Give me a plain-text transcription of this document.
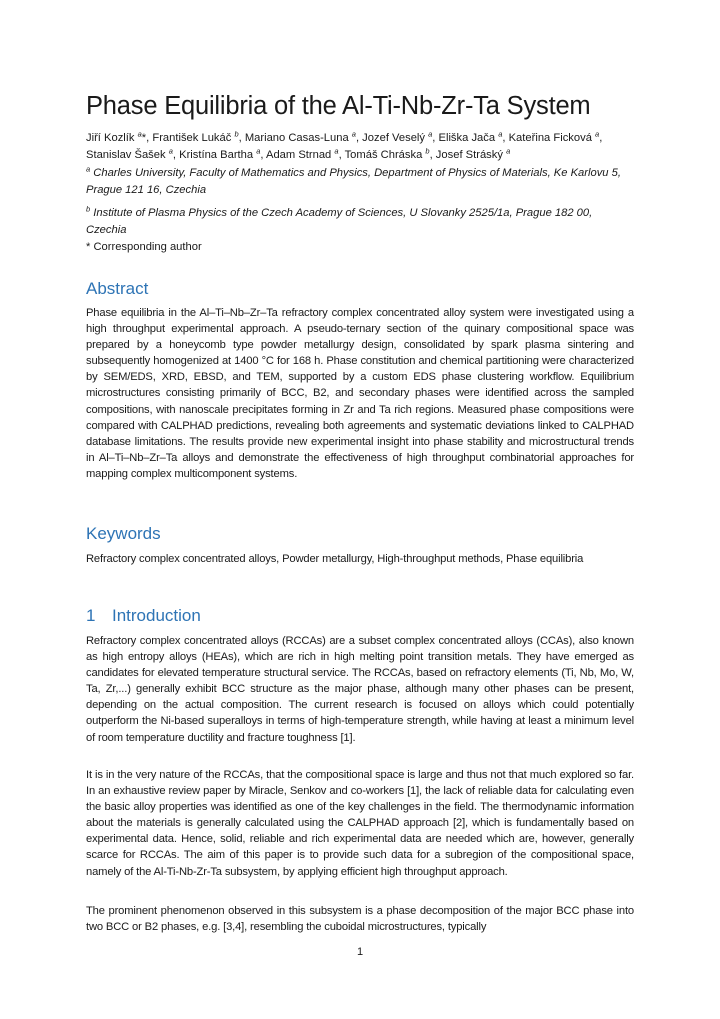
Phase Equilibria of the Al-Ti-Nb-Zr-Ta System
Jiří Kozlík $^a$*, František Lukáč $^b$, Mariano Casas-Luna $^a$, Jozef Veselý $^a$, Eliška Jača $^a$, Kateřina Ficková $^a$,
Stanislav Šašek $^a$, Kristína Bartha $^a$, Adam Strnad $^a$, Tomáš Chráska $^b$, Josef Stráský $^a$
$^a$ Charles University, Faculty of Mathematics and Physics, Department of Physics of Materials, Ke Karlovu 5, Prague 121 16, Czechia
$^b$ Institute of Plasma Physics of the Czech Academy of Sciences, U Slovanky 2525/1a, Prague 182 00, Czechia
* Corresponding author
Abstract
Phase equilibria in the Al–Ti–Nb–Zr–Ta refractory complex concentrated alloy system were investigated using a high throughput experimental approach. A pseudo-ternary section of the quinary compositional space was prepared by a honeycomb type powder metallurgy design, consolidated by spark plasma sintering and subsequently homogenized at 1400 °C for 168 h. Phase constitution and chemical partitioning were characterized by SEM/EDS, XRD, EBSD, and TEM, supported by a custom EDS phase clustering workflow. Equilibrium microstructures consisting primarily of BCC, B2, and secondary phases were identified across the sampled compositions, with nanoscale precipitates forming in Zr and Ta rich regions. Measured phase compositions were compared with CALPHAD predictions, revealing both agreements and systematic deviations linked to CALPHAD database limitations. The results provide new experimental insight into phase stability and microstructural trends in Al–Ti–Nb–Zr–Ta alloys and demonstrate the effectiveness of high throughput combinatorial approaches for mapping complex multicomponent systems.
Keywords
Refractory complex concentrated alloys, Powder metallurgy, High-throughput methods, Phase equilibria
1 Introduction
Refractory complex concentrated alloys (RCCAs) are a subset complex concentrated alloys (CCAs), also known as high entropy alloys (HEAs), which are rich in high melting point transition metals. They have emerged as candidates for elevated temperature structural service. The RCCAs, based on refractory elements (Ti, Nb, Mo, W, Ta, Zr,...) generally exhibit BCC structure as the major phase, although many other phases can be present, depending on the actual composition. The current research is focused on alloys which could potentially outperform the Ni-based superalloys in terms of high-temperature strength, while having at least a minimum level of room temperature ductility and fracture toughness [1].
It is in the very nature of the RCCAs, that the compositional space is large and thus not that much explored so far. In an exhaustive review paper by Miracle, Senkov and co-workers [1], the lack of reliable data for calculating even the basic alloy properties was identified as one of the key challenges in the field. The thermodynamic information about the materials is generally calculated using the CALPHAD approach [2], which is fundamentally based on experimental data. Hence, solid, reliable and rich experimental data are needed which are, however, generally scarce for RCCAs. The aim of this paper is to provide such data for a subregion of the compositional space, namely of the Al-Ti-Nb-Zr-Ta subsystem, by applying efficient high throughput approach.
The prominent phenomenon observed in this subsystem is a phase decomposition of the major BCC phase into two BCC or B2 phases, e.g. [3,4], resembling the cuboidal microstructures, typically
1
